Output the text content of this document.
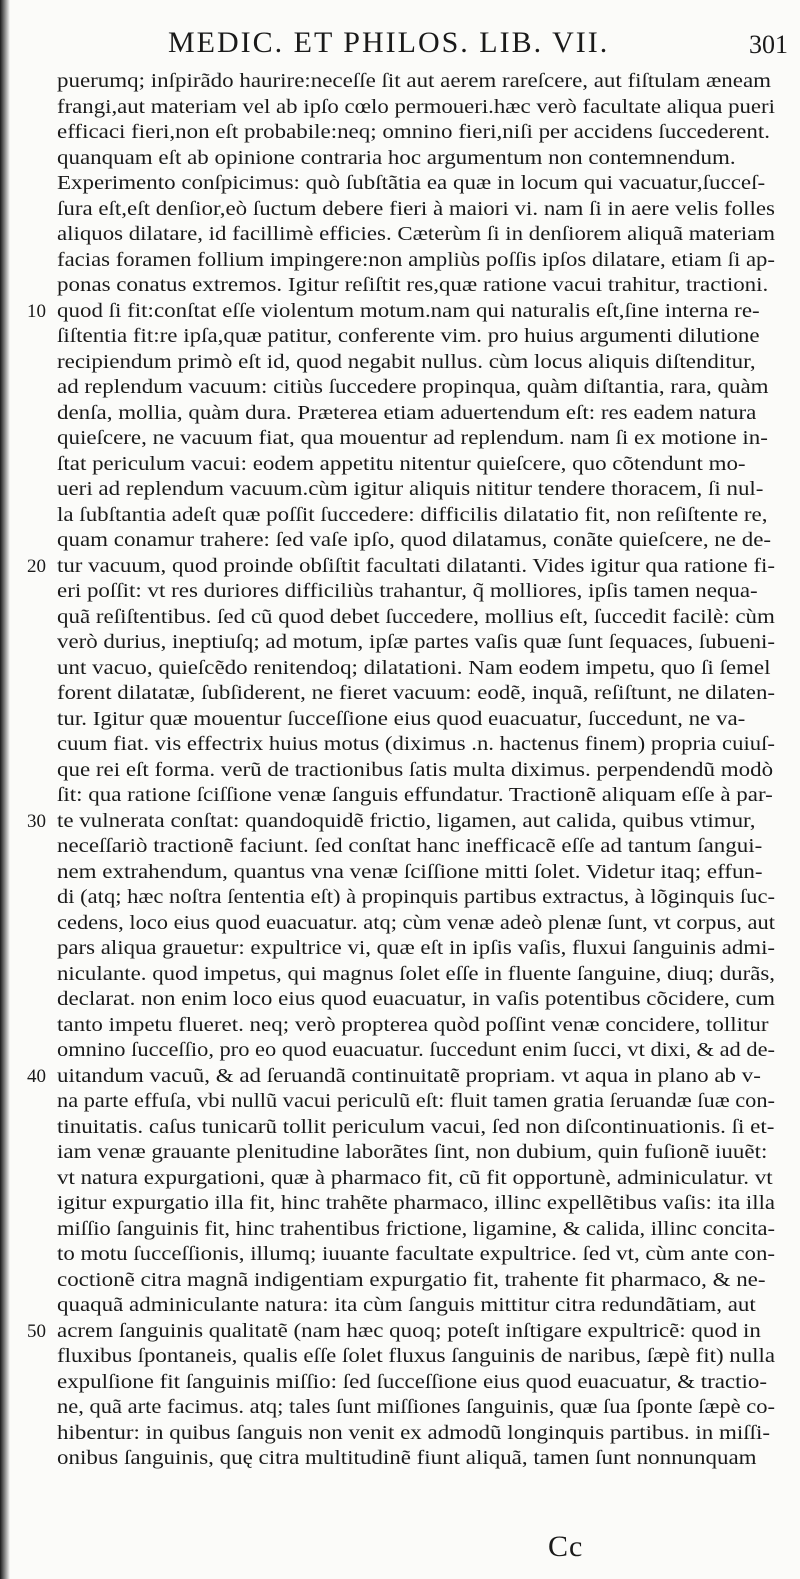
MEDIC. ET PHILOS. LIB. VII.	301
puerumq; inſpirãdo haurire:neceſſe ſit aut aerem rareſcere, aut fiſtulam æneam
frangi,aut materiam vel ab ipſo cœlo permoueri.hæc verò facultate aliqua pueri
efficaci fieri,non eſt probabile:neq; omnino fieri,niſi per accidens ſuccederent.
quanquam eſt ab opinione contraria hoc argumentum non contemnendum.
Experimento conſpicimus: quò ſubſtãtia ea quæ in locum qui vacuatur,ſucceſ-
ſura eſt,eſt denſior,eò ſuctum debere fieri à maiori vi. nam ſi in aere velis folles
aliquos dilatare, id facillimè efficies. Cæterùm ſi in denſiorem aliquã materiam
facias foramen follium impingere:non ampliùs poſſis ipſos dilatare, etiam ſi ap-
ponas conatus extremos. Igitur reſiſtit res,quæ ratione vacui trahitur, tractioni.
quod ſi fit:conſtat eſſe violentum motum.nam qui naturalis eſt,ſine interna re-
10
ſiſtentia fit:re ipſa,quæ patitur, conferente vim. pro huius argumenti dilutione
recipiendum primò eſt id, quod negabit nullus. cùm locus aliquis diſtenditur,
ad replendum vacuum: citiùs ſuccedere propinqua, quàm diſtantia, rara, quàm
denſa, mollia, quàm dura. Præterea etiam aduertendum eſt: res eadem natura
quieſcere, ne vacuum fiat, qua mouentur ad replendum. nam ſi ex motione in-
ſtat periculum vacui: eodem appetitu nitentur quieſcere, quo cõtendunt mo-
ueri ad replendum vacuum.cùm igitur aliquis nititur tendere thoracem, ſi nul-
la ſubſtantia adeſt quæ poſſit ſuccedere: difficilis dilatatio fit, non reſiſtente re,
quam conamur trahere: ſed vaſe ipſo, quod dilatamus, conãte quieſcere, ne de-
tur vacuum, quod proinde obſiſtit facultati dilatanti. Vides igitur qua ratione fi-
20
eri poſſit: vt res duriores difficiliùs trahantur, q̃ molliores, ipſis tamen nequa-
quã reſiſtentibus. ſed cũ quod debet ſuccedere, mollius eſt, ſuccedit facilè: cùm
verò durius, ineptiuſq; ad motum, ipſæ partes vaſis quæ ſunt ſequaces, ſubueni-
unt vacuo, quieſcẽdo renitendoq; dilatationi. Nam eodem impetu, quo ſi ſemel
forent dilatatæ, ſubſiderent, ne fieret vacuum: eodẽ, inquã, reſiſtunt, ne dilaten-
tur. Igitur quæ mouentur ſucceſſione eius quod euacuatur, ſuccedunt, ne va-
cuum fiat. vis effectrix huius motus (diximus .n. hactenus finem) propria cuiuſ-
que rei eſt forma. verũ de tractionibus ſatis multa diximus. perpendendũ modò
ſit: qua ratione ſciſſione venæ ſanguis effundatur. Tractionẽ aliquam eſſe à par-
te vulnerata conſtat: quandoquidẽ frictio, ligamen, aut calida, quibus vtimur,
30
neceſſariò tractionẽ faciunt. ſed conſtat hanc inefficacẽ eſſe ad tantum ſangui-
nem extrahendum, quantus vna venæ ſciſſione mitti ſolet. Videtur itaq; effun-
di (atq; hæc noſtra ſententia eſt) à propinquis partibus extractus, à lõginquis ſuc-
cedens, loco eius quod euacuatur. atq; cùm venæ adeò plenæ ſunt, vt corpus, aut
pars aliqua grauetur: expultrice vi, quæ eſt in ipſis vaſis, fluxui ſanguinis admi-
niculante. quod impetus, qui magnus ſolet eſſe in fluente ſanguine, diuq; durãs,
declarat. non enim loco eius quod euacuatur, in vaſis potentibus cõcidere, cum
tanto impetu flueret. neq; verò propterea quòd poſſint venæ concidere, tollitur
omnino ſucceſſio, pro eo quod euacuatur. ſuccedunt enim ſucci, vt dixi, & ad de-
uitandum vacuũ, & ad ſeruandã continuitatẽ propriam. vt aqua in plano ab v-
40
na parte effuſa, vbi nullũ vacui periculũ eſt: fluit tamen gratia ſeruandæ ſuæ con-
tinuitatis. caſus tunicarũ tollit periculum vacui, ſed non diſcontinuationis. ſi et-
iam venæ grauante plenitudine laborãtes ſint, non dubium, quin fuſionẽ iuuẽt:
vt natura expurgationi, quæ à pharmaco fit, cũ fit opportunè, adminiculatur. vt
igitur expurgatio illa fit, hinc trahẽte pharmaco, illinc expellẽtibus vaſis: ita illa
miſſio ſanguinis fit, hinc trahentibus frictione, ligamine, & calida, illinc concita-
to motu ſucceſſionis, illumq; iuuante facultate expultrice. ſed vt, cùm ante con-
coctionẽ citra magnã indigentiam expurgatio fit, trahente fit pharmaco, & ne-
quaquã adminiculante natura: ita cùm ſanguis mittitur citra redundãtiam, aut
acrem ſanguinis qualitatẽ (nam hæc quoq; poteſt inſtigare expultricẽ: quod in
50
fluxibus ſpontaneis, qualis eſſe ſolet fluxus ſanguinis de naribus, ſæpè fit) nulla
expulſione fit ſanguinis miſſio: ſed ſucceſſione eius quod euacuatur, & tractio-
ne, quã arte facimus. atq; tales ſunt miſſiones ſanguinis, quæ ſua ſponte ſæpè co-
hibentur: in quibus ſanguis non venit ex admodũ longinquis partibus. in miſſi-
onibus ſanguinis, quę citra multitudinẽ fiunt aliquã, tamen ſunt nonnunquam
Cc
